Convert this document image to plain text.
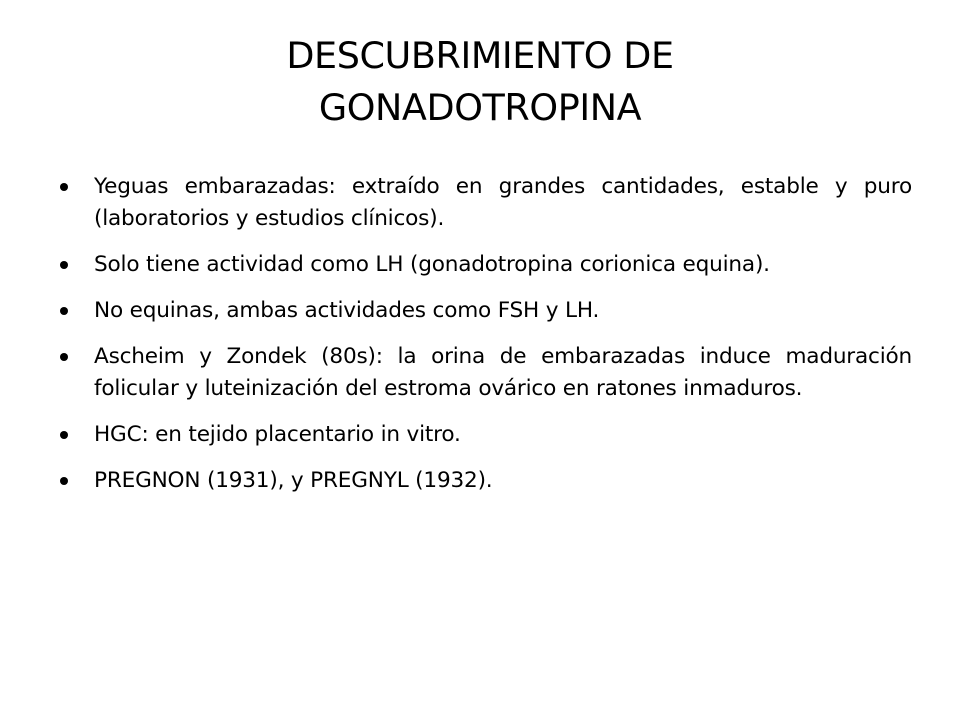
DESCUBRIMIENTO DE
GONADOTROPINA
Yeguas embarazadas: extraído en grandes cantidades, estable y puro (laboratorios y estudios clínicos).
Solo tiene actividad como LH (gonadotropina corionica equina).
No equinas, ambas actividades como FSH y LH.
Ascheim y Zondek (80s): la orina de embarazadas induce maduración folicular y luteinización del estroma ovárico en ratones inmaduros.
HGC: en tejido placentario in vitro.
PREGNON (1931), y PREGNYL (1932).
